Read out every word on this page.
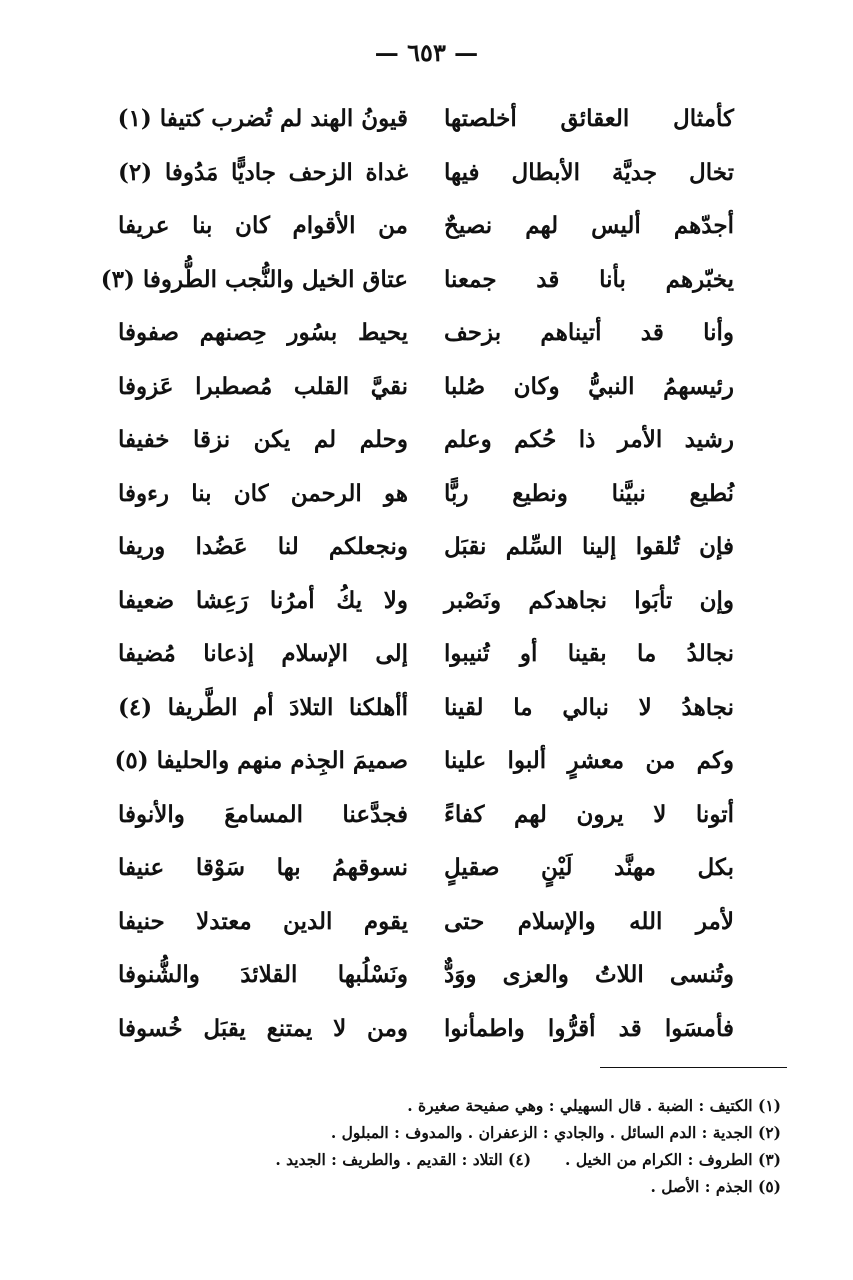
— ٦٥٣ —
كأمثال العقائق أخلصتها
قيونُ الهند لم تُضرب كتيفا (١)
تخال جديَّة الأبطال فيها
غداة الزحف جاديًّا مَدُوفا (٢)
أجدّهم أليس لهم نصيحٌ
من الأقوام كان بنا عريفا
يخبّرهم بأنا قد جمعنا
عتاق الخيل والنُّجب الطُّروفا (٣)
وأنا قد أتيناهم بزحف
يحيط بسُور حِصنهم صفوفا
رئيسهمُ النبيُّ وكان صُلبا
نقيَّ القلب مُصطبرا عَزوفا
رشيد الأمر ذا حُكم وعلم
وحلم لم يكن نزقا خفيفا
نُطيع نبيَّنا ونطيع ربًّا
هو الرحمن كان بنا رءوفا
فإن تُلقوا إلينا السِّلم نقبَل
ونجعلكم لنا عَضُدا وريفا
وإن تأبَوا نجاهدكم ونَصْبر
ولا يكُ أمرُنا رَعِشا ضعيفا
نجالدُ ما بقينا أو تُنيبوا
إلى الإسلام إذعانا مُضيفا
نجاهدُ لا نبالي ما لقينا
أأهلكنا التلادَ أم الطَّريفا (٤)
وكم من معشرٍ ألبوا علينا
صميمَ الجِذم منهم والحليفا (٥)
أتونا لا يرون لهم كفاءً
فجدَّعنا المسامعَ والأنوفا
بكل مهنَّد لَيْنٍ صقيلٍ
نسوقهمُ بها سَوْقا عنيفا
لأمر الله والإسلام حتى
يقوم الدين معتدلا حنيفا
وتُنسى اللاتُ والعزى ووَدٌّ
ونَسْلُبها القلائدَ والشُّنوفا
فأمسَوا قد أقرُّوا واطمأنوا
ومن لا يمتنع يقبَل خُسوفا
(١) الكتيف : الضبة . قال السهيلي : وهي صفيحة صغيرة .
(٢) الجدية : الدم السائل . والجادي : الزعفران . والمدوف : المبلول .
(٣) الطروف : الكرام من الخيل .
(٤) التلاد : القديم . والطريف : الجديد .
(٥) الجذم : الأصل .
